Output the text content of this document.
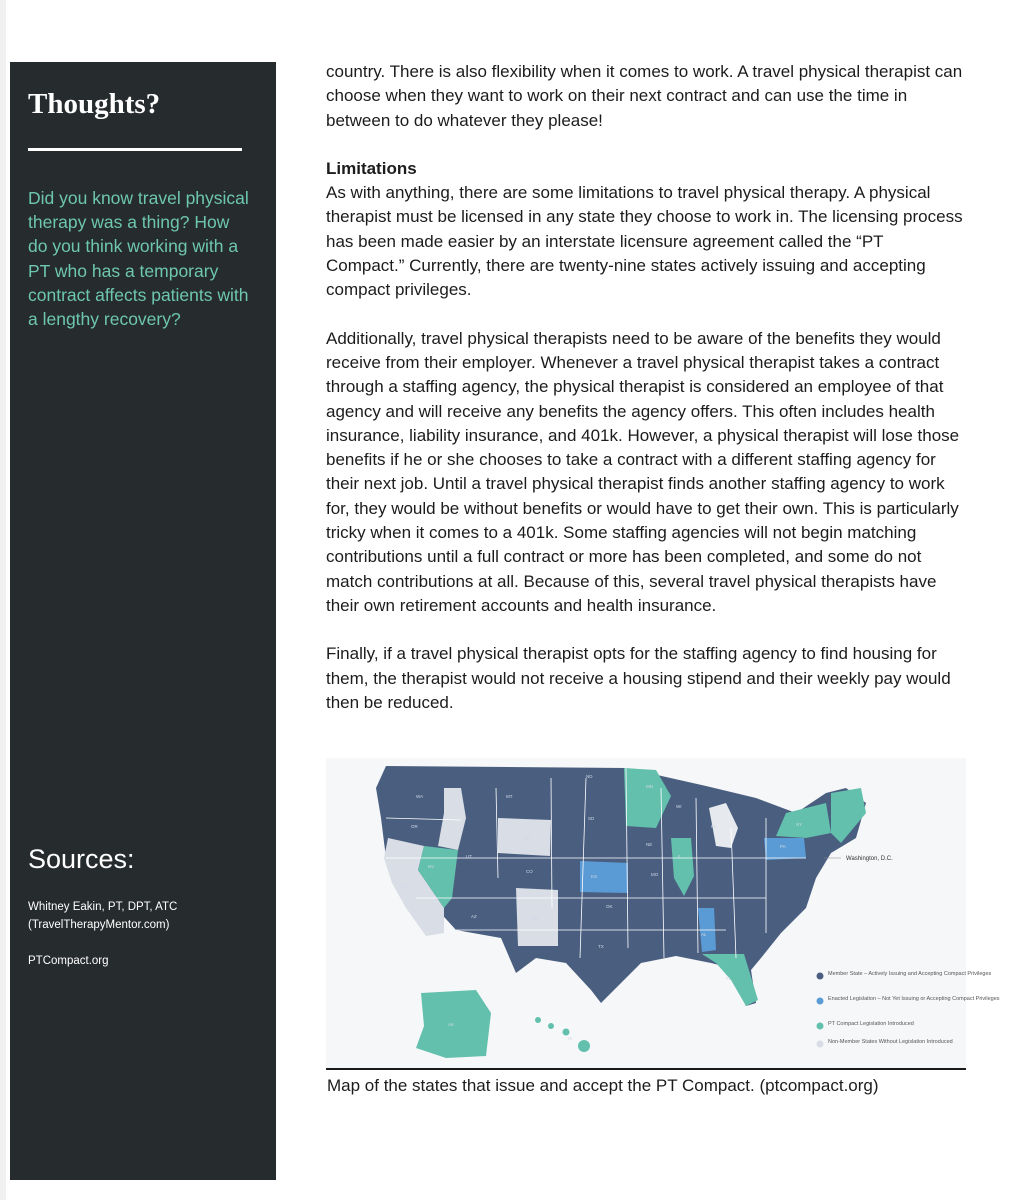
Thoughts?
Did you know travel physical therapy was a thing? How do you think working with a PT who has a temporary contract affects patients with a lengthy recovery?
Sources:
Whitney Eakin, PT, DPT, ATC (TravelTherapyMentor.com)
PTCompact.org

country. There is also flexibility when it comes to work. A travel physical therapist can choose when they want to work on their next contract and can use the time in between to do whatever they please!

Limitations

As with anything, there are some limitations to travel physical therapy. A physical therapist must be licensed in any state they choose to work in. The licensing process has been made easier by an interstate licensure agreement called the “PT Compact.” Currently, there are twenty-nine states actively issuing and accepting compact privileges.

Additionally, travel physical therapists need to be aware of the benefits they would receive from their employer. Whenever a travel physical therapist takes a contract through a staffing agency, the physical therapist is considered an employee of that agency and will receive any benefits the agency offers. This often includes health insurance, liability insurance, and 401k. However, a physical therapist will lose those benefits if he or she chooses to take a contract with a different staffing agency for their next job. Until a travel physical therapist finds another staffing agency to work for, they would be without benefits or would have to get their own. This is particularly tricky when it comes to a 401k. Some staffing agencies will not begin matching contributions until a full contract or more has been completed, and some do not match contributions at all. Because of this, several travel physical therapists have their own retirement accounts and health insurance.

Finally, if a travel physical therapist opts for the staffing agency to find housing for them, the therapist would not receive a housing stipend and their weekly pay would then be reduced.

WA
OR
MT
ND
SD
WY
UT
CO
NM
AZ
NV
CA
KS
OK
TX
MN
NE
MO
WI
IL
MI
PA
NY
AL
AK
HI
FL
Washington, D.C.
Member State – Actively Issuing and Accepting Compact Privileges
Enacted Legislation – Not Yet Issuing or Accepting Compact Privileges
PT Compact Legislation Introduced
Non-Member States Without Legislation Introduced
Map of the states that issue and accept the PT Compact. (ptcompact.org)
